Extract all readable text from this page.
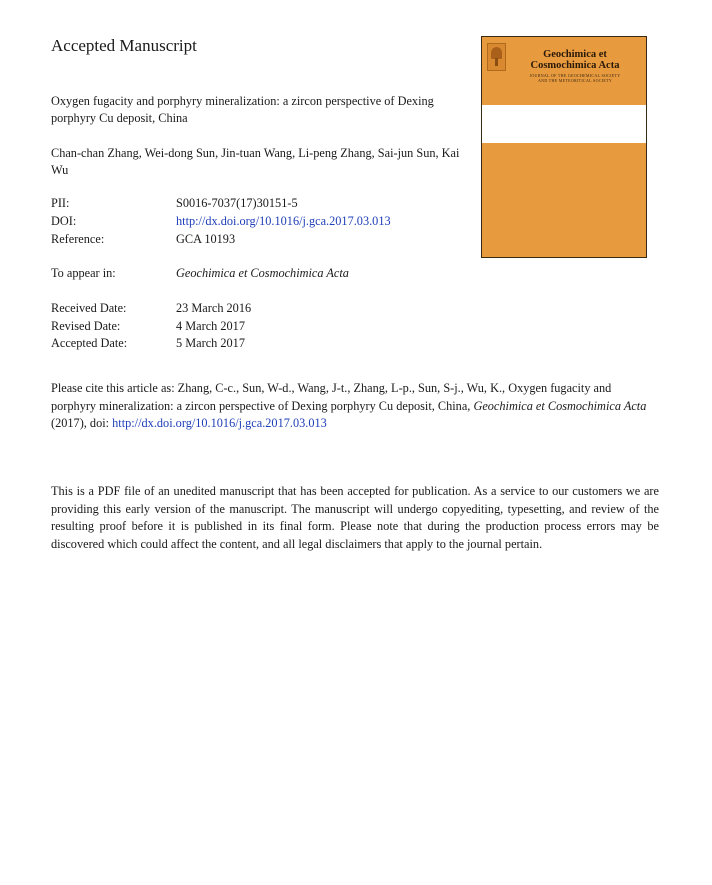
Accepted Manuscript
Oxygen fugacity and porphyry mineralization: a zircon perspective of Dexing porphyry Cu deposit, China
Chan-chan Zhang, Wei-dong Sun, Jin-tuan Wang, Li-peng Zhang, Sai-jun Sun, Kai Wu
PII:	S0016-7037(17)30151-5
DOI:	http://dx.doi.org/10.1016/j.gca.2017.03.013
Reference:	GCA 10193
To appear in:	Geochimica et Cosmochimica Acta
Received Date:	23 March 2016
Revised Date:	4 March 2017
Accepted Date:	5 March 2017
Please cite this article as: Zhang, C-c., Sun, W-d., Wang, J-t., Zhang, L-p., Sun, S-j., Wu, K., Oxygen fugacity and porphyry mineralization: a zircon perspective of Dexing porphyry Cu deposit, China, Geochimica et Cosmochimica Acta (2017), doi: http://dx.doi.org/10.1016/j.gca.2017.03.013
This is a PDF file of an unedited manuscript that has been accepted for publication. As a service to our customers we are providing this early version of the manuscript. The manuscript will undergo copyediting, typesetting, and review of the resulting proof before it is published in its final form. Please note that during the production process errors may be discovered which could affect the content, and all legal disclaimers that apply to the journal pertain.
Geochimica et
Cosmochimica Acta
JOURNAL OF THE GEOCHEMICAL SOCIETY
AND THE METEORITICAL SOCIETY
